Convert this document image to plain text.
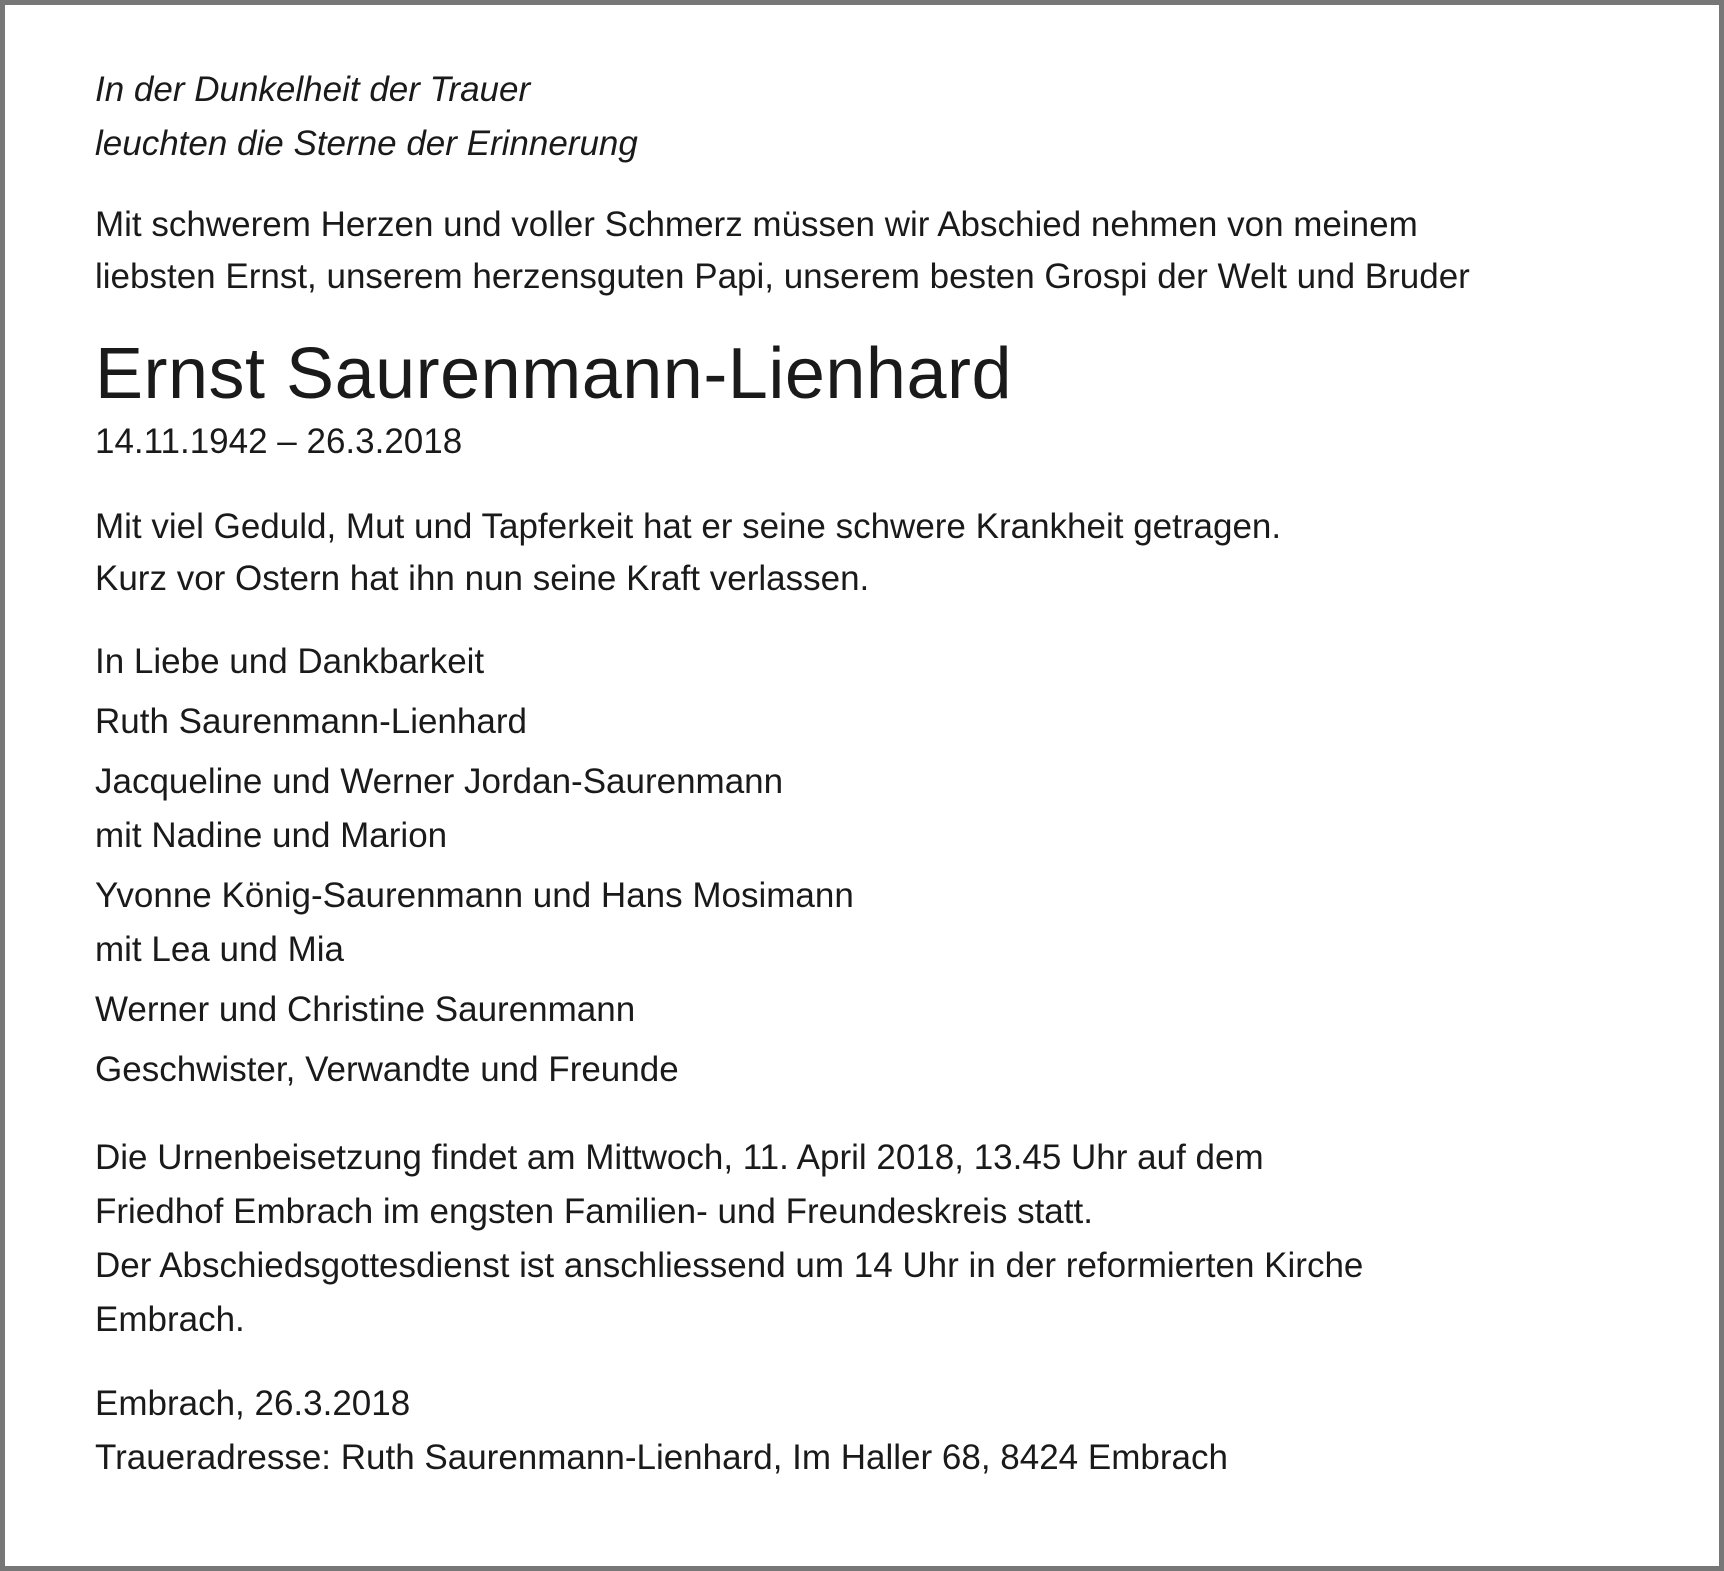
In der Dunkelheit der Trauer
leuchten die Sterne der Erinnerung

Mit schwerem Herzen und voller Schmerz müssen wir Abschied nehmen von meinem
liebsten Ernst, unserem herzensguten Papi, unserem besten Grospi der Welt und Bruder

Ernst Saurenmann-Lienhard

14.11.1942 – 26.3.2018

Mit viel Geduld, Mut und Tapferkeit hat er seine schwere Krankheit getragen.
Kurz vor Ostern hat ihn nun seine Kraft verlassen.

In Liebe und Dankbarkeit
Ruth Saurenmann-Lienhard
Jacqueline und Werner Jordan-Saurenmann
mit Nadine und Marion
Yvonne König-Saurenmann und Hans Mosimann
mit Lea und Mia
Werner und Christine Saurenmann
Geschwister, Verwandte und Freunde

Die Urnenbeisetzung findet am Mittwoch, 11. April 2018, 13.45 Uhr auf dem
Friedhof Embrach im engsten Familien- und Freundeskreis statt.
Der Abschiedsgottesdienst ist anschliessend um 14 Uhr in der reformierten Kirche
Embrach.

Embrach, 26.3.2018
Traueradresse: Ruth Saurenmann-Lienhard, Im Haller 68, 8424 Embrach
